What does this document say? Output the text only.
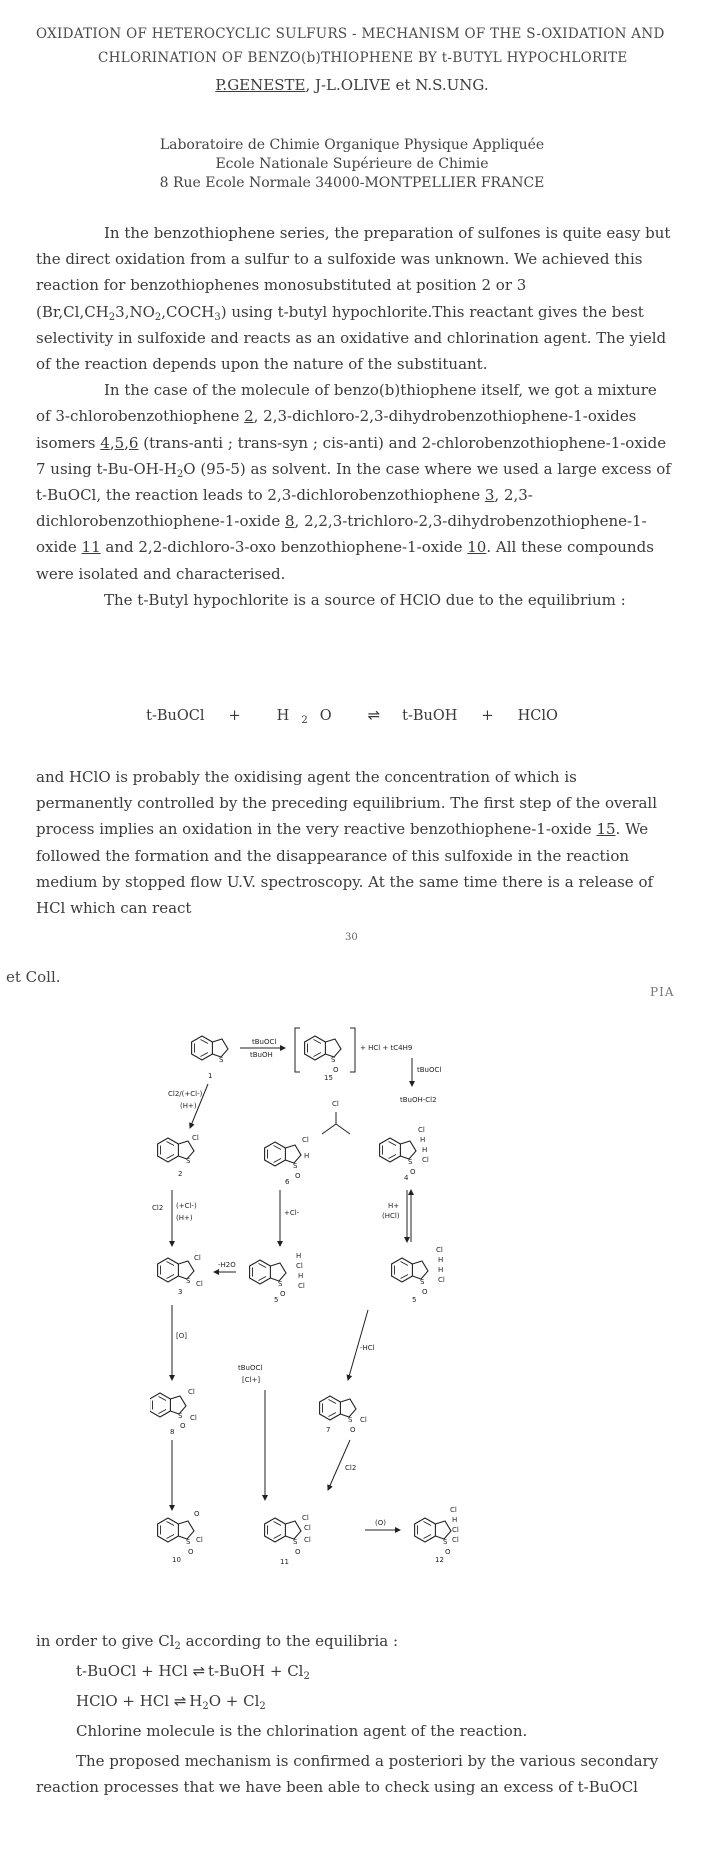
OXIDATION OF HETEROCYCLIC SULFURS - MECHANISM OF THE S-OXIDATION AND
CHLORINATION OF BENZO(b)THIOPHENE BY t-BUTYL HYPOCHLORITE
P.GENESTE, J-L.OLIVE et N.S.UNG.
Laboratoire de Chimie Organique Physique Appliquée
Ecole Nationale Supérieure de Chimie
8 Rue Ecole Normale 34000-MONTPELLIER FRANCE

In the benzothiophene series, the preparation of sulfones is quite easy but the direct oxidation from a sulfur to a sulfoxide was unknown. We achieved this reaction for benzothiophenes monosubstituted at position 2 or 3 $(Br,Cl,CH_23,NO_2,COCH_3)$ using t-butyl hypochlorite.This reactant gives the best selectivity in sulfoxide and reacts as an oxidative and chlorination agent. The yield of the reaction depends upon the nature of the substituant.

In the case of the molecule of benzo(b)thiophene itself, we got a mixture of 3-chlorobenzothiophene 2, 2,3-dichloro-2,3-dihydrobenzothiophene-1-oxides isomers 4,5,6 (trans-anti ; trans-syn ; cis-anti) and 2-chlorobenzothiophene-1-oxide 7 using $t-Bu-OH-H_2O$ (95-5) as solvent. In the case where we used a large excess of t-BuOCl, the reaction leads to 2,3-dichlorobenzothiophene 3, 2,3-dichlorobenzothiophene-1-oxide 8, 2,2,3-trichloro-2,3-dihydrobenzothiophene-1-oxide 11 and 2,2-dichloro-3-oxo benzothiophene-1-oxide 10. All these compounds were isolated and characterised.

The t-Butyl hypochlorite is a source of HClO due to the equilibrium :

t-BuOCl + H $_2$ O ⇌ t-BuOH + HClO

and HClO is probably the oxidising agent the concentration of which is permanently controlled by the preceding equilibrium. The first step of the overall process implies an oxidation in the very reactive benzothiophene-1-oxide 15. We followed the formation and the disappearance of this sulfoxide in the reaction medium by stopped flow U.V. spectroscopy. At the same time there is a release of HCl which can react

30
et Coll.
PIA
S
1
tBuOCl
tBuOH
S
O
15
+ HCl + tC4H9
tBuOCl
tBuOH-Cl2
Cl2/(+Cl-)
(H+)	Cl
S
Cl
2
S
O
Cl
H
6
S
O
Cl
H
H
Cl
4
Cl2 (+Cl-)
(H+)
+Cl-
H+
(HCl)
S
Cl
Cl
3
-H2O
S
O
H
Cl
H
Cl
5
S
O
Cl
H
H
Cl
5
[O]
-HCl
tBuOCl
[Cl+]
S
O
Cl
Cl
8
S
O
Cl
7
Cl2
S
O
O
Cl
10
S
O
Cl
Cl
Cl
11
(O)
S
O
Cl
H
Cl
Cl
12
in order to give $Cl_2$ according to the equilibria :
t-BuOCl + HCl ⇌ t-BuOH + $Cl_2$
HClO + HCl ⇌ $H_2O + Cl_2$
Chlorine molecule is the chlorination agent of the reaction.
The proposed mechanism is confirmed a posteriori by the various secondary reaction processes that we have been able to check using an excess of t-BuOCl
